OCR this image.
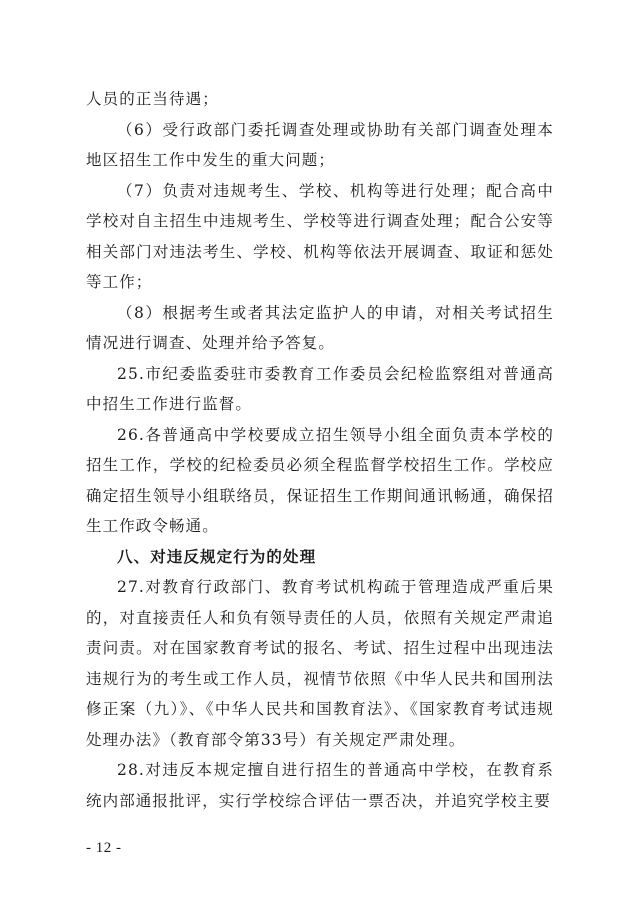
人员的正当待遇；

（6）受行政部门委托调查处理或协助有关部门调查处理本地区招生工作中发生的重大问题；

（7）负责对违规考生、学校、机构等进行处理；配合高中学校对自主招生中违规考生、学校等进行调查处理；配合公安等相关部门对违法考生、学校、机构等依法开展调查、取证和惩处等工作；

（8）根据考生或者其法定监护人的申请，对相关考试招生情况进行调查、处理并给予答复。

25.市纪委监委驻市委教育工作委员会纪检监察组对普通高中招生工作进行监督。

26.各普通高中学校要成立招生领导小组全面负责本学校的招生工作，学校的纪检委员必须全程监督学校招生工作。学校应确定招生领导小组联络员，保证招生工作期间通讯畅通，确保招生工作政令畅通。

八、对违反规定行为的处理

27.对教育行政部门、教育考试机构疏于管理造成严重后果的，对直接责任人和负有领导责任的人员，依照有关规定严肃追责问责。对在国家教育考试的报名、考试、招生过程中出现违法违规行为的考生或工作人员，视情节依照《中华人民共和国刑法修正案（九）》、《中华人民共和国教育法》、《国家教育考试违规处理办法》（教育部令第33号）有关规定严肃处理。

28.对违反本规定擅自进行招生的普通高中学校，在教育系统内部通报批评，实行学校综合评估一票否决，并追究学校主要

- 12 -
